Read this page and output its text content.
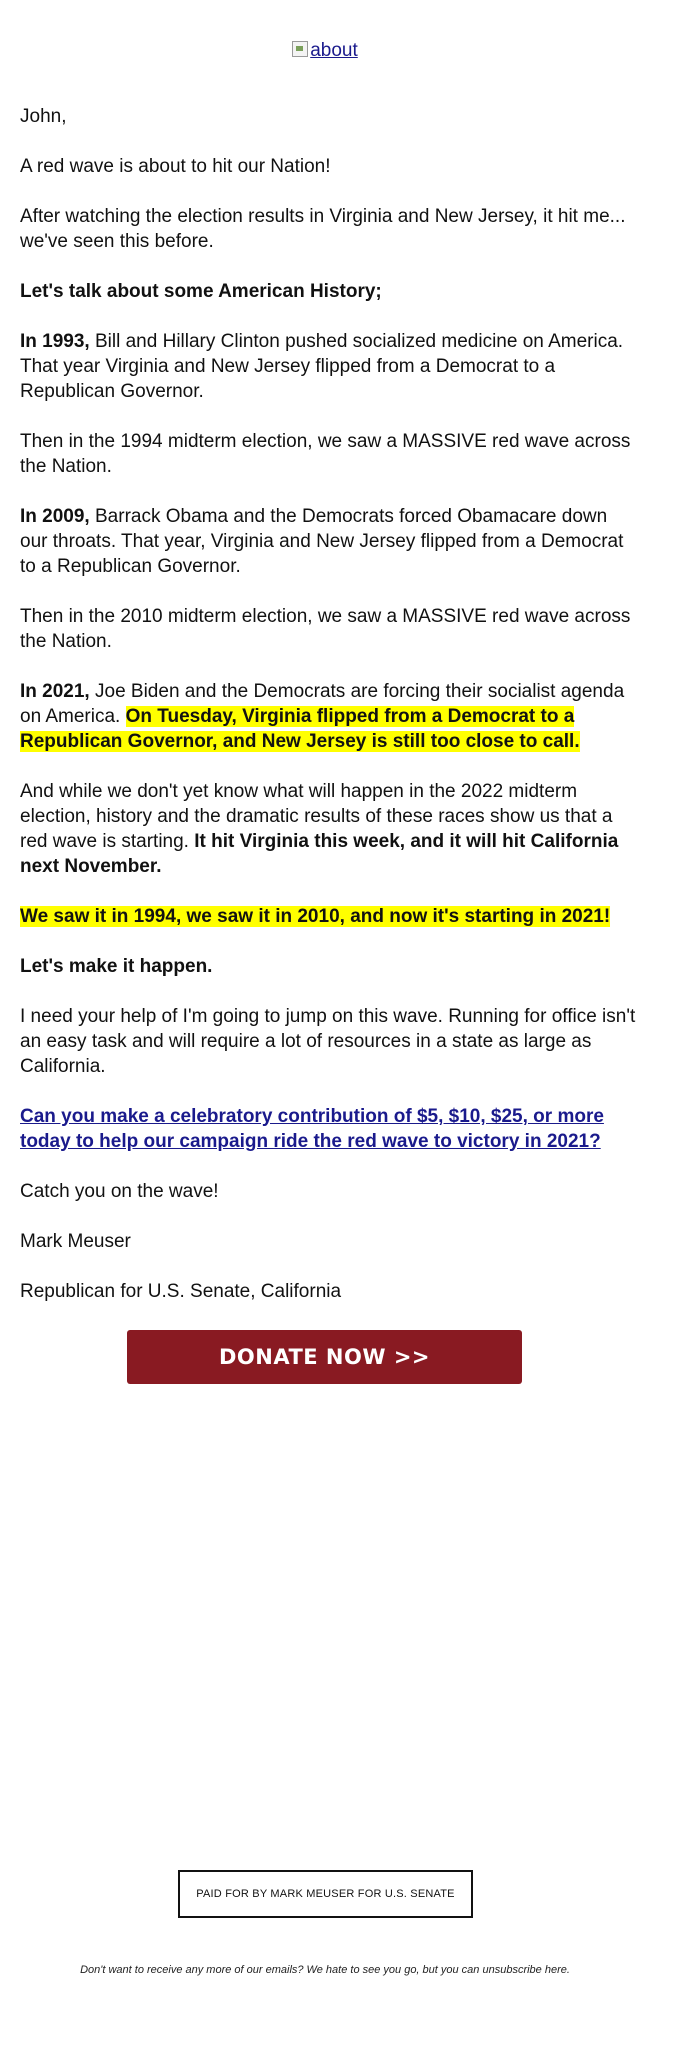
about

John,

A red wave is about to hit our Nation!

After watching the election results in Virginia and New Jersey, it hit me... we've seen this before.

Let's talk about some American History;

In 1993, Bill and Hillary Clinton pushed socialized medicine on America. That year Virginia and New Jersey flipped from a Democrat to a Republican Governor.

Then in the 1994 midterm election, we saw a MASSIVE red wave across the Nation.

In 2009, Barrack Obama and the Democrats forced Obamacare down our throats. That year, Virginia and New Jersey flipped from a Democrat to a Republican Governor.

Then in the 2010 midterm election, we saw a MASSIVE red wave across the Nation.

In 2021, Joe Biden and the Democrats are forcing their socialist agenda on America. On Tuesday, Virginia flipped from a Democrat to a Republican Governor, and New Jersey is still too close to call.

And while we don't yet know what will happen in the 2022 midterm election, history and the dramatic results of these races show us that a red wave is starting. It hit Virginia this week, and it will hit California next November.

We saw it in 1994, we saw it in 2010, and now it's starting in 2021!

Let's make it happen.

I need your help of I'm going to jump on this wave. Running for office isn't an easy task and will require a lot of resources in a state as large as California.

Can you make a celebratory contribution of $5, $10, $25, or more today to help our campaign ride the red wave to victory in 2021?

Catch you on the wave!

Mark Meuser

Republican for U.S. Senate, California

DONATE NOW >>
PAID FOR BY MARK MEUSER FOR U.S. SENATE
Don't want to receive any more of our emails? We hate to see you go, but you can unsubscribe here.
